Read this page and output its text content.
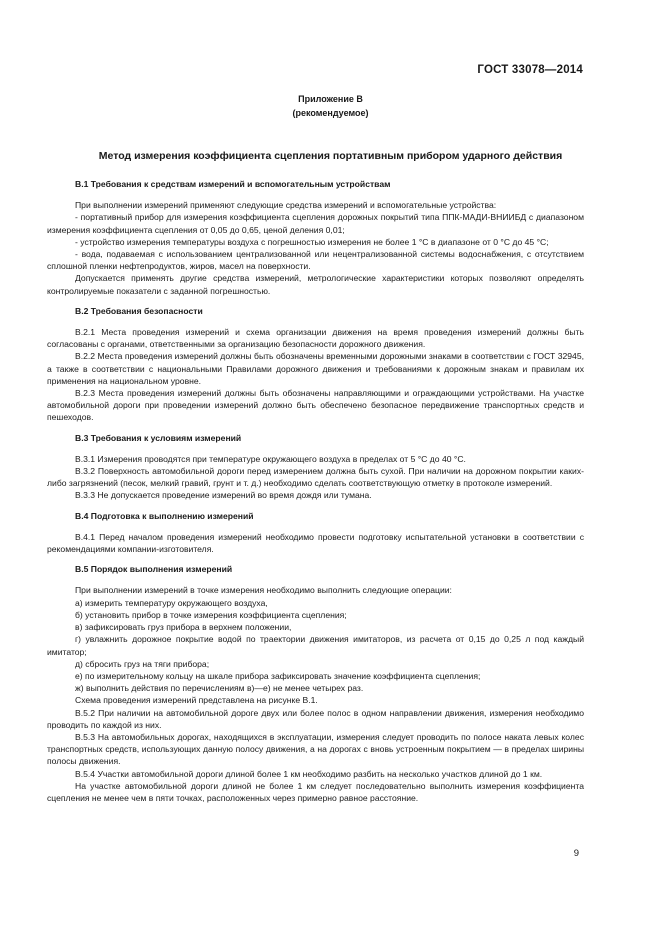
ГОСТ 33078—2014
Приложение В
(рекомендуемое)
Метод измерения коэффициента сцепления портативным прибором ударного действия

В.1 Требования к средствам измерений и вспомогательным устройствам

При выполнении измерений применяют следующие средства измерений и вспомогательные устройства:

- портативный прибор для измерения коэффициента сцепления дорожных покрытий типа ППК-МАДИ-ВНИИБД с диапазоном измерения коэффициента сцепления от 0,05 до 0,65, ценой деления 0,01;

- устройство измерения температуры воздуха с погрешностью измерения не более 1 °С в диапазоне от 0 °С до 45 °С;

- вода, подаваемая с использованием централизованной или нецентрализованной системы водоснабжения, с отсутствием сплошной пленки нефтепродуктов, жиров, масел на поверхности.

Допускается применять другие средства измерений, метрологические характеристики которых позволяют определять контролируемые показатели с заданной погрешностью.

В.2 Требования безопасности

В.2.1 Места проведения измерений и схема организации движения на время проведения измерений должны быть согласованы с органами, ответственными за организацию безопасности дорожного движения.

В.2.2 Места проведения измерений должны быть обозначены временными дорожными знаками в соответствии с ГОСТ 32945, а также в соответствии с национальными Правилами дорожного движения и требованиями к дорожным знакам и правилам их применения на национальном уровне.

В.2.3 Места проведения измерений должны быть обозначены направляющими и ограждающими устройствами. На участке автомобильной дороги при проведении измерений должно быть обеспечено безопасное передвижение транспортных средств и пешеходов.

В.3 Требования к условиям измерений

В.3.1 Измерения проводятся при температуре окружающего воздуха в пределах от 5 °С до 40 °С.

В.3.2 Поверхность автомобильной дороги перед измерением должна быть сухой. При наличии на дорожном покрытии каких-либо загрязнений (песок, мелкий гравий, грунт и т. д.) необходимо сделать соответствующую отметку в протоколе измерений.

В.3.3 Не допускается проведение измерений во время дождя или тумана.

В.4 Подготовка к выполнению измерений

В.4.1 Перед началом проведения измерений необходимо провести подготовку испытательной установки в соответствии с рекомендациями компании-изготовителя.

В.5 Порядок выполнения измерений

При выполнении измерений в точке измерения необходимо выполнить следующие операции:

а) измерить температуру окружающего воздуха,

б) установить прибор в точке измерения коэффициента сцепления;

в) зафиксировать груз прибора в верхнем положении,

г) увлажнить дорожное покрытие водой по траектории движения имитаторов, из расчета от 0,15 до 0,25 л под каждый имитатор;

д) сбросить груз на тяги прибора;

е) по измерительному кольцу на шкале прибора зафиксировать значение коэффициента сцепления;

ж) выполнить действия по перечислениям в)—е) не менее четырех раз.

Схема проведения измерений представлена на рисунке В.1.

В.5.2 При наличии на автомобильной дороге двух или более полос в одном направлении движения, измерения необходимо проводить по каждой из них.

В.5.3 На автомобильных дорогах, находящихся в эксплуатации, измерения следует проводить по полосе наката левых колес транспортных средств, использующих данную полосу движения, а на дорогах с вновь устроенным покрытием — в пределах ширины полосы движения.

В.5.4 Участки автомобильной дороги длиной более 1 км необходимо разбить на несколько участков длиной до 1 км.

На участке автомобильной дороги длиной не более 1 км следует последовательно выполнить измерения коэффициента сцепления не менее чем в пяти точках, расположенных через примерно равное расстояние.

9
